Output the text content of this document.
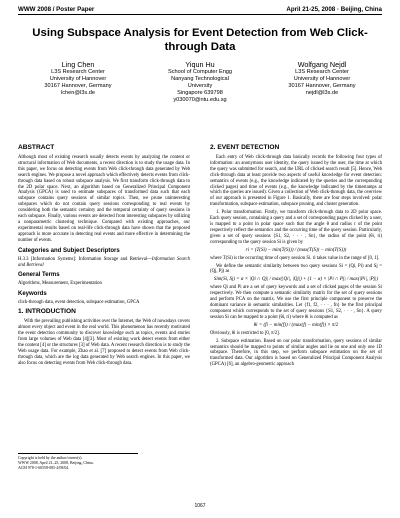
WWW 2008 / Poster Paper	April 21-25, 2008 · Beijing, China
Using Subspace Analysis for Event Detection from Web Click-through Data
Ling Chen
L3S Research Center
University of Hannover
30167 Hannover, Germany
lchen@l3s.de
Yiqun Hu
School of Computer Engg
Nanyang Technological
University
Singapore 639798
y030070@ntu.edu.sg
Wolfgang Nejdl
L3S Research Center
University of Hannover
30167 Hannover, Germany
nejdl@l3s.de
ABSTRACT

Although most of existing research usually detects events by analyzing the content or structural information of Web documents, a recent direction is to study the usage data. In this paper, we focus on detecting events from Web click-through data generated by Web search engines. We propose a novel approach which effectively detects events from click-through data based on robust subspace analysis. We first transform click-through data to the 2D polar space. Next, an algorithm based on Generalized Principal Component Analysis (GPCA) is used to estimate subspaces of transformed data such that each subspace contains query sessions of similar topics. Then, we prune uninteresting subspaces which do not contain query sessions corresponding to real events by considering both the semantic certainty and the temporal certainty of query sessions in each subspace. Finally, various events are detected from interesting subspaces by utilizing a nonparametric clustering technique. Compared with existing approaches, our experimental results based on real-life click-through data have shown that the proposed approach is more accurate in detecting real events and more effective in determining the number of events.

Categories and Subject Descriptors
H.3.3 [Information Systems]: Information Storage and Retrieval—Information Search and Retrieval
General Terms
Algorithms, Measurement, Experimentation
Keywords
click-through data, event detection, subspace estimation, GPCA
1. INTRODUCTION

With the prevailing publishing activities over the Internet, the Web of nowadays covers almost every object and event in the real world. This phenomenon has recently motivated the event detection community to discover knowledge such as topics, events and stories from large volumes of Web data [4][3]. Most of existing work detect events from either the content [4] or the structures [3] of Web data. A recent research direction is to study the Web usage data. For example, Zhao et al. [7] proposed to detect events from Web click-through data, which are the log data generated by Web search engines. In this paper, we also focus on detecting events from Web click-through data.

Copyright is held by the author/owner(s).
WWW 2008, April 21–25, 2008, Beijing, China.
ACM 978-1-60558-085-2/08/04.
2. EVENT DETECTION

Each entry of Web click-through data basically records the following four types of information: an anonymous user identity, the query issued by the user, the time at which the query was submitted for search, and the URL of clicked search result [5]. Hence, Web click-through data at least provide two aspects of useful knowledge for event detection: semantics of events (e.g., the knowledge indicated by the queries and the corresponding clicked pages) and time of events (e.g., the knowledge indicated by the timestamps at which the queries are issued). Given a collection of Web click-through data, the overview of our approach is presented in Figure 1. Basically, there are four steps involved: polar transformation, subspace estimation, subspace pruning, and cluster generation.

1. Polar transformation. Firstly, we transform click-through data to 2D polar space. Each query session, containing a query and a set of corresponding pages clicked by a user, is mapped to a point in polar space such that the angle θ and radius r of the point respectively reflect the semantics and the occurring time of the query session. Particularly, given a set of query sessions {S1, S2, · · · , Sn}, the radius of the point (θi, ri) corresponding to the query session Si is given by

ri = (T(Si) − min(T(S))) / (max(T(S)) − min(T(S)))

where T(Si) is the occurring time of query session Si. ri takes value in the range of [0, 1].

We define the semantic similarity between two query sessions Si = (Qi, Pi) and Sj = (Qj, Pj) as

Sim(Si, Sj) = α × |Qi ∩ Qj| / max(|Qi|, |Qj|) + (1 − α) × |Pi ∩ Pj| / max(|Pi|, |Pj|)

where Qi and Pi are a set of query keywords and a set of clicked pages of the session Si respectively. We then compute a semantic similarity matrix for the set of query sessions and perform PCA on the matrix. We use the first principle component to preserve the dominant variance in semantic similarities. Let {f1, f2, · · · , fn} be the first principal component which corresponds to the set of query sessions {S1, S2, · · · , Sn}. A query session Si can be mapped to a point (θi, ri) where θi is computed as

θi = (fi − min(f)) / (max(f) − min(f)) × π/2

Obviously, θi is restricted to [0, π/2].

2. Subspace estimation. Based on our polar transformation, query sessions of similar semantics should be mapped to points of similar angles and lie on one and only one 1D subspace. Therefore, in this step, we perform subspace estimation on the set of transformed data. Our algorithm is based on Generalized Principal Component Analysis (GPCA) [6], an algebro-geometric approach

1067
